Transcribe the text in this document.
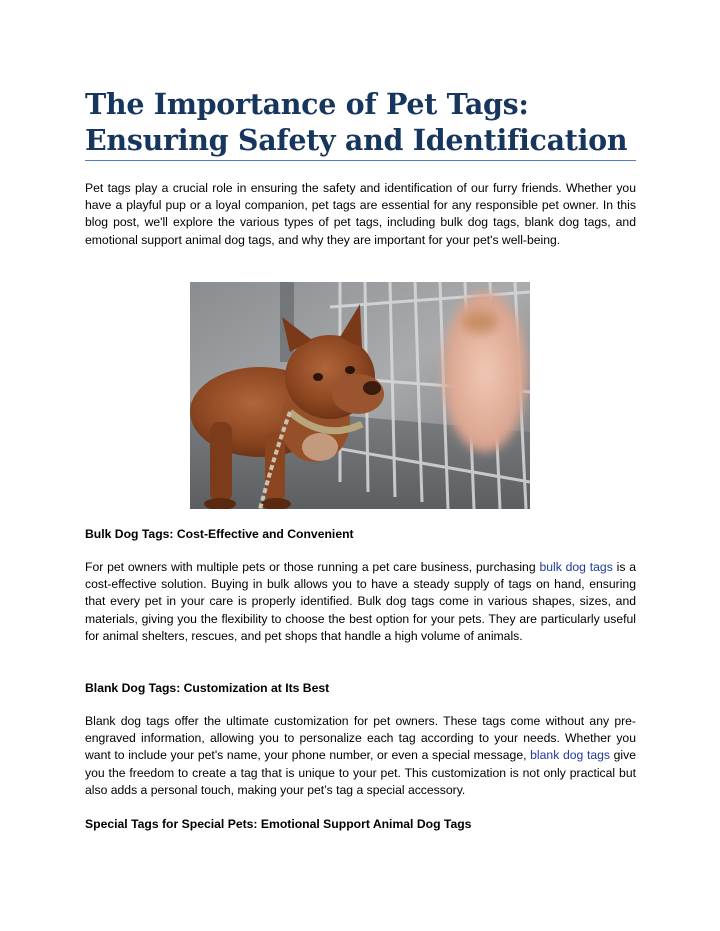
The Importance of Pet Tags: Ensuring Safety and Identification

Pet tags play a crucial role in ensuring the safety and identification of our furry friends. Whether you have a playful pup or a loyal companion, pet tags are essential for any responsible pet owner. In this blog post, we'll explore the various types of pet tags, including bulk dog tags, blank dog tags, and emotional support animal dog tags, and why they are important for your pet's well-being.

Bulk Dog Tags: Cost-Effective and Convenient

For pet owners with multiple pets or those running a pet care business, purchasing bulk dog tags is a cost-effective solution. Buying in bulk allows you to have a steady supply of tags on hand, ensuring that every pet in your care is properly identified. Bulk dog tags come in various shapes, sizes, and materials, giving you the flexibility to choose the best option for your pets. They are particularly useful for animal shelters, rescues, and pet shops that handle a high volume of animals.

Blank Dog Tags: Customization at Its Best

Blank dog tags offer the ultimate customization for pet owners. These tags come without any pre-engraved information, allowing you to personalize each tag according to your needs. Whether you want to include your pet's name, your phone number, or even a special message, blank dog tags give you the freedom to create a tag that is unique to your pet. This customization is not only practical but also adds a personal touch, making your pet’s tag a special accessory.

Special Tags for Special Pets: Emotional Support Animal Dog Tags
